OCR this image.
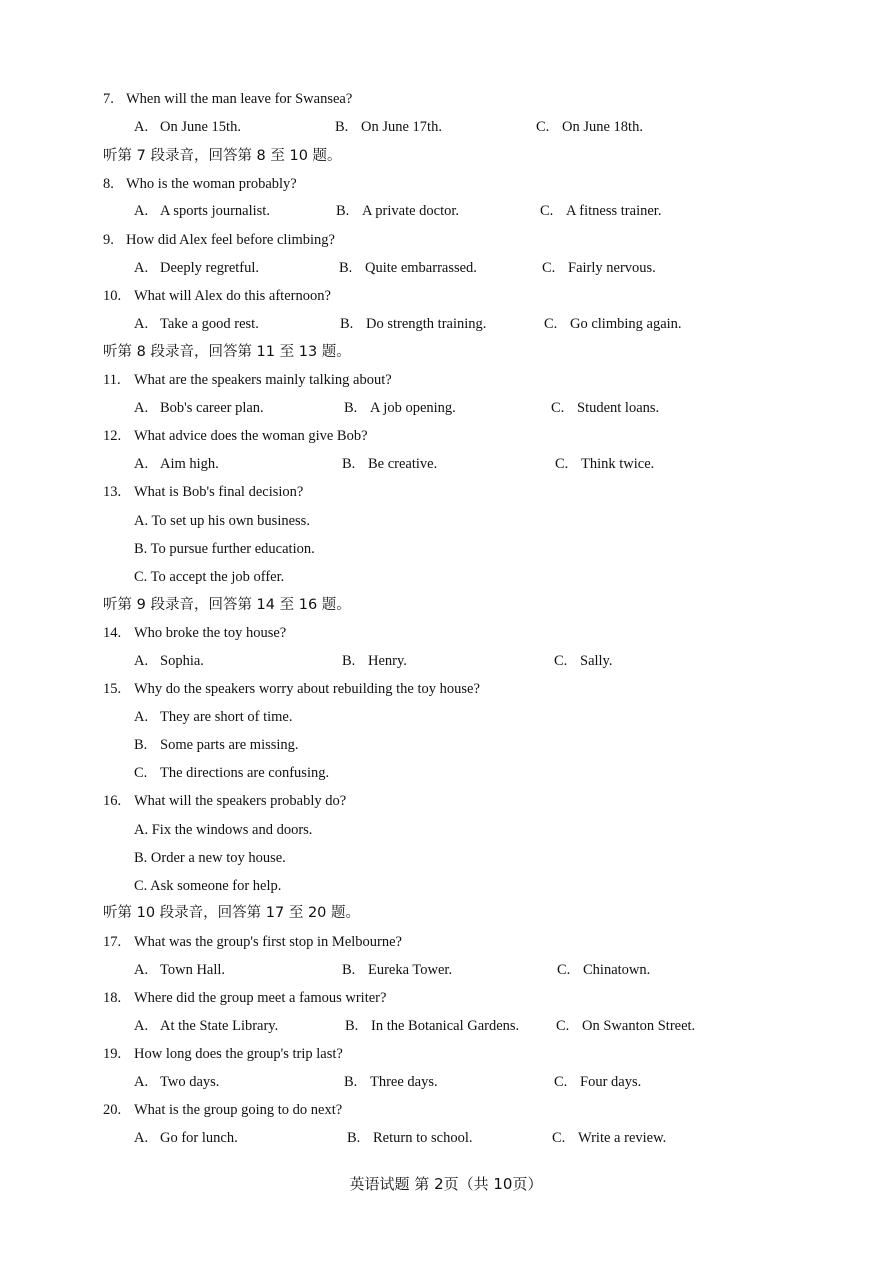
7. When will the man leave for Swansea?
A. On June 15th.	B. On June 17th.	C. On June 18th.
听第 7 段录音，回答第 8 至 10 题。
8. Who is the woman probably?
A. A sports journalist.	B. A private doctor.	C. A fitness trainer.
9. How did Alex feel before climbing?
A. Deeply regretful.	B. Quite embarrassed.	C. Fairly nervous.
10. What will Alex do this afternoon?
A. Take a good rest.	B. Do strength training.	C. Go climbing again.
听第 8 段录音，回答第 11 至 13 题。
11. What are the speakers mainly talking about?
A. Bob's career plan.	B. A job opening.	C. Student loans.
12. What advice does the woman give Bob?
A. Aim high.	B. Be creative.	C. Think twice.
13. What is Bob's final decision?
A. To set up his own business.
B. To pursue further education.
C. To accept the job offer.
听第 9 段录音，回答第 14 至 16 题。
14. Who broke the toy house?
A. Sophia.	B. Henry.	C. Sally.
15. Why do the speakers worry about rebuilding the toy house?
A. They are short of time.
B. Some parts are missing.
C. The directions are confusing.
16. What will the speakers probably do?
A. Fix the windows and doors.
B. Order a new toy house.
C. Ask someone for help.
听第 10 段录音，回答第 17 至 20 题。
17. What was the group's first stop in Melbourne?
A. Town Hall.	B. Eureka Tower.	C. Chinatown.
18. Where did the group meet a famous writer?
A. At the State Library.	B. In the Botanical Gardens.	C. On Swanton Street.
19. How long does the group's trip last?
A. Two days.	B. Three days.	C. Four days.
20. What is the group going to do next?
A. Go for lunch.	B. Return to school.	C. Write a review.
英语试题 第 2页（共 10页）
